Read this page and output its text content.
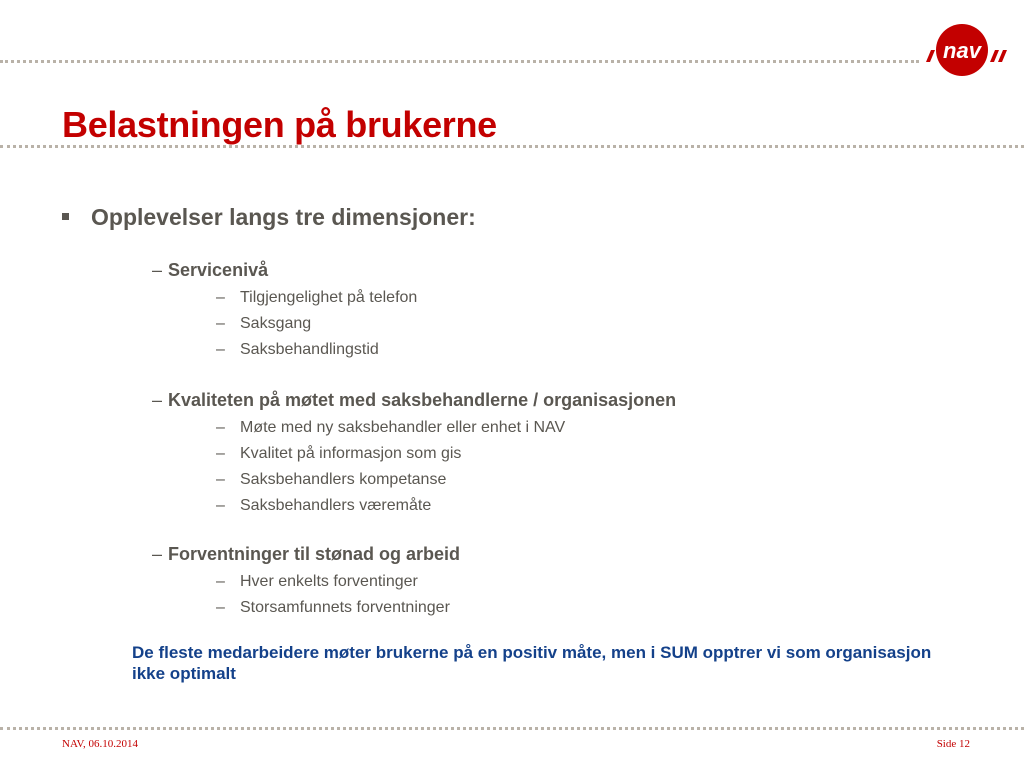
nav
Belastningen på brukerne
Opplevelser langs tre dimensjoner:
– Servicenivå
– Tilgjengelighet på telefon
– Saksgang
– Saksbehandlingstid
– Kvaliteten på møtet med saksbehandlerne / organisasjonen
– Møte med ny saksbehandler eller enhet i NAV
– Kvalitet på informasjon som gis
– Saksbehandlers kompetanse
– Saksbehandlers væremåte
– Forventninger til stønad og arbeid
– Hver enkelts forventinger
– Storsamfunnets forventninger
De fleste medarbeidere møter brukerne på en positiv måte, men i SUM opptrer vi som organisasjon ikke optimalt
NAV, 06.10.2014	Side 12
